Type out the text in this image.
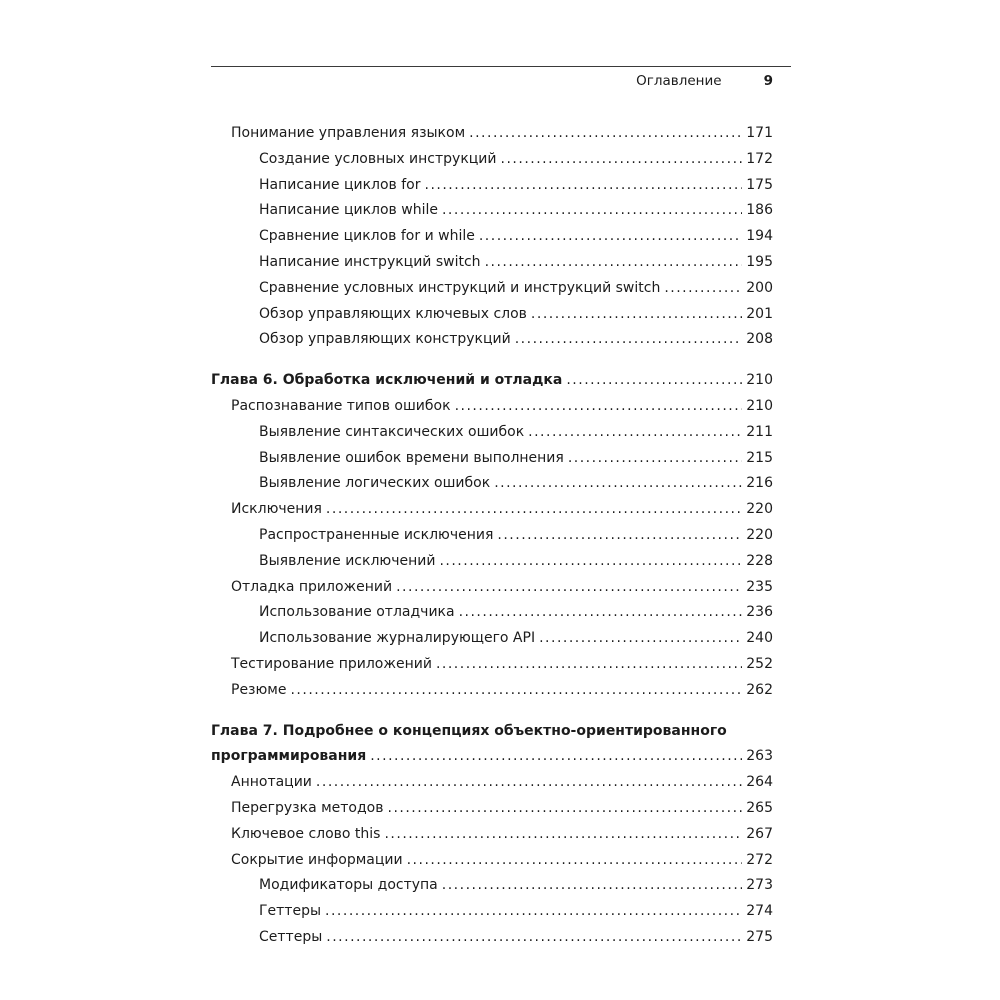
Оглавление	9
Понимание управления языком .....	171
Создание условных инструкций .....	172
Написание циклов for .....	175
Написание циклов while .....	186
Сравнение циклов for и while .....	194
Написание инструкций switch .....	195
Сравнение условных инструкций и инструкций switch .....	200
Обзор управляющих ключевых слов .....	201
Обзор управляющих конструкций .....	208
Глава 6. Обработка исключений и отладка .....	210
Распознавание типов ошибок .....	210
Выявление синтаксических ошибок .....	211
Выявление ошибок времени выполнения .....	215
Выявление логических ошибок .....	216
Исключения .....	220
Распространенные исключения .....	220
Выявление исключений .....	228
Отладка приложений .....	235
Использование отладчика .....	236
Использование журналирующего API .....	240
Тестирование приложений .....	252
Резюме .....	262
Глава 7. Подробнее о концепциях объектно-ориентированного
программирования .....	263
Аннотации .....	264
Перегрузка методов .....	265
Ключевое слово this .....	267
Сокрытие информации .....	272
Модификаторы доступа .....	273
Геттеры .....	274
Сеттеры .....	275
